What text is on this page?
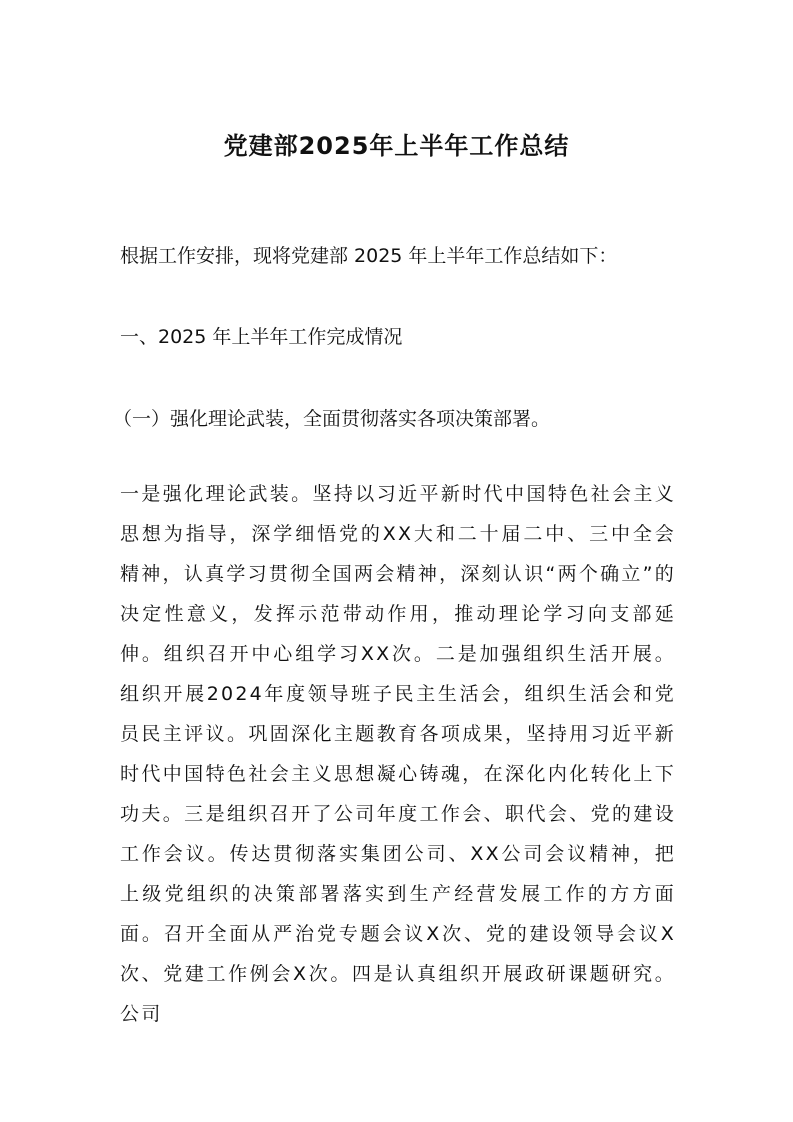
党建部2025年上半年工作总结

根据工作安排，现将党建部 2025 年上半年工作总结如下：

一、2025 年上半年工作完成情况

（一）强化理论武装，全面贯彻落实各项决策部署。

一是强化理论武装。坚持以习近平新时代中国特色社会主义思想为指导，深学细悟党的XX大和二十届二中、三中全会精神，认真学习贯彻全国两会精神，深刻认识“两个确立”的决定性意义，发挥示范带动作用，推动理论学习向支部延伸。组织召开中心组学习XX次。二是加强组织生活开展。组织开展2024年度领导班子民主生活会，组织生活会和党员民主评议。巩固深化主题教育各项成果，坚持用习近平新时代中国特色社会主义思想凝心铸魂，在深化内化转化上下功夫。三是组织召开了公司年度工作会、职代会、党的建设工作会议。传达贯彻落实集团公司、XX公司会议精神，把上级党组织的决策部署落实到生产经营发展工作的方方面面。召开全面从严治党专题会议X次、党的建设领导会议X次、党建工作例会X次。四是认真组织开展政研课题研究。公司
